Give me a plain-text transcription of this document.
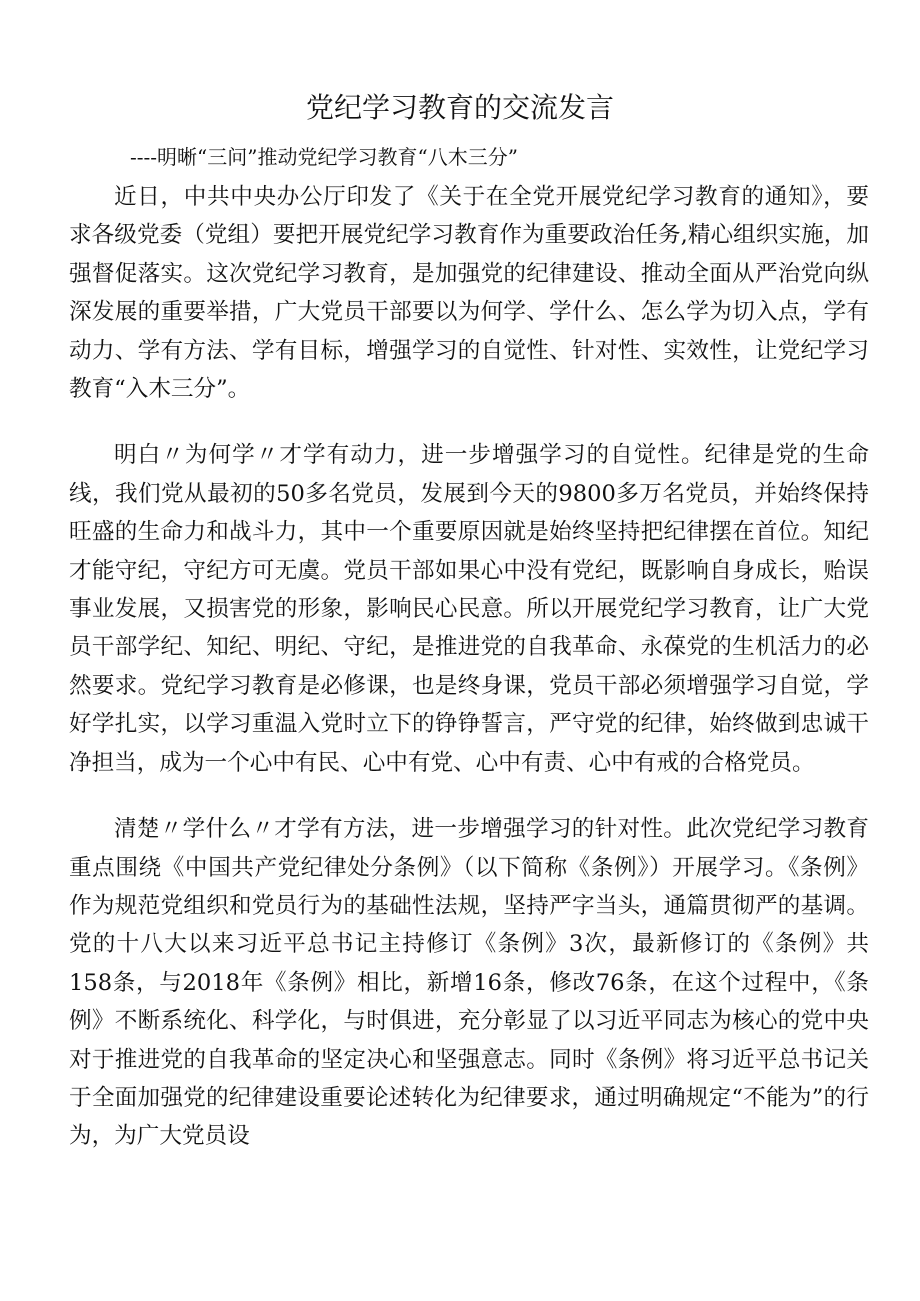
党纪学习教育的交流发言
----明晰“三问”推动党纪学习教育“八木三分”

近日，中共中央办公厅印发了《关于在全党开展党纪学习教育的通知》，要求各级党委（党组）要把开展党纪学习教育作为重要政治任务,精心组织实施，加强督促落实。这次党纪学习教育，是加强党的纪律建设、推动全面从严治党向纵深发展的重要举措，广大党员干部要以为何学、学什么、怎么学为切入点，学有动力、学有方法、学有目标，增强学习的自觉性、针对性、实效性，让党纪学习教育“入木三分”。

明白〃为何学〃才学有动力，进一步增强学习的自觉性。纪律是党的生命线，我们党从最初的50多名党员，发展到今天的9800多万名党员，并始终保持旺盛的生命力和战斗力，其中一个重要原因就是始终坚持把纪律摆在首位。知纪才能守纪，守纪方可无虞。党员干部如果心中没有党纪，既影响自身成长，贻误事业发展，又损害党的形象，影响民心民意。所以开展党纪学习教育，让广大党员干部学纪、知纪、明纪、守纪，是推进党的自我革命、永葆党的生机活力的必然要求。党纪学习教育是必修课，也是终身课，党员干部必须增强学习自觉，学好学扎实，以学习重温入党时立下的铮铮誓言，严守党的纪律，始终做到忠诚干净担当，成为一个心中有民、心中有党、心中有责、心中有戒的合格党员。

清楚〃学什么〃才学有方法，进一步增强学习的针对性。此次党纪学习教育重点围绕《中国共产党纪律处分条例》（以下简称《条例》）开展学习。《条例》作为规范党组织和党员行为的基础性法规，坚持严字当头，通篇贯彻严的基调。党的十八大以来习近平总书记主持修订《条例》3次，最新修订的《条例》共158条，与2018年《条例》相比，新增16条，修改76条，在这个过程中，《条例》不断系统化、科学化，与时俱进，充分彰显了以习近平同志为核心的党中央对于推进党的自我革命的坚定决心和坚强意志。同时《条例》将习近平总书记关于全面加强党的纪律建设重要论述转化为纪律要求，通过明确规定“不能为”的行为，为广大党员设
